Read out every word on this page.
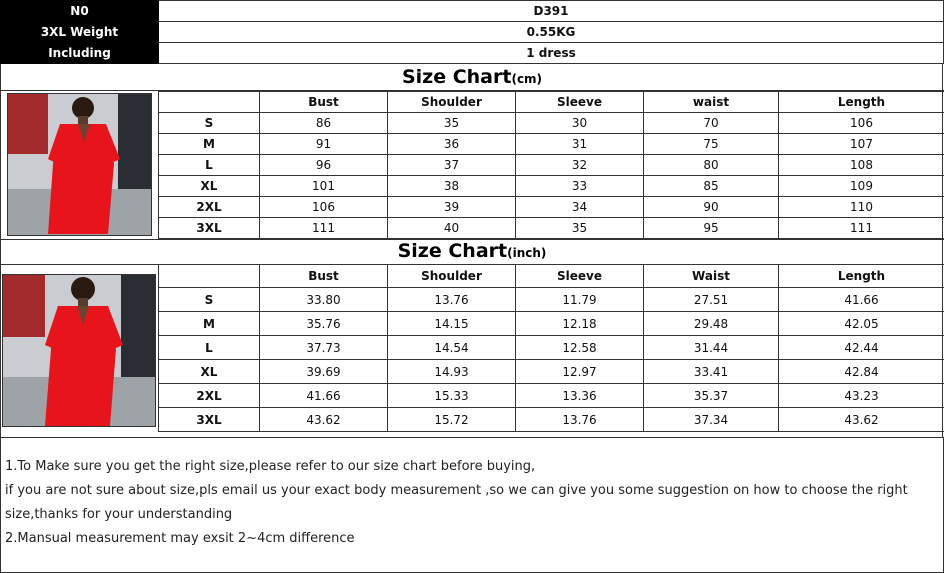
N0	D391
3XL Weight	0.55KG
Including	1 dress
Size Chart(cm)
	Bust	Shoulder	Sleeve	waist	Length
S	86	35	30	70	106
M	91	36	31	75	107
L	96	37	32	80	108
XL	101	38	33	85	109
2XL	106	39	34	90	110
3XL	111	40	35	95	111
Size Chart(inch)
	Bust	Shoulder	Sleeve	Waist	Length
S	33.80	13.76	11.79	27.51	41.66
M	35.76	14.15	12.18	29.48	42.05
L	37.73	14.54	12.58	31.44	42.44
XL	39.69	14.93	12.97	33.41	42.84
2XL	41.66	15.33	13.36	35.37	43.23
3XL	43.62	15.72	13.76	37.34	43.62
1.To Make sure you get the right size,please refer to our size chart before buying,
if you are not sure about size,pls email us your exact body measurement ,so we can give you some suggestion on how to choose the right
size,thanks for your understanding
2.Mansual measurement may exsit 2~4cm difference
